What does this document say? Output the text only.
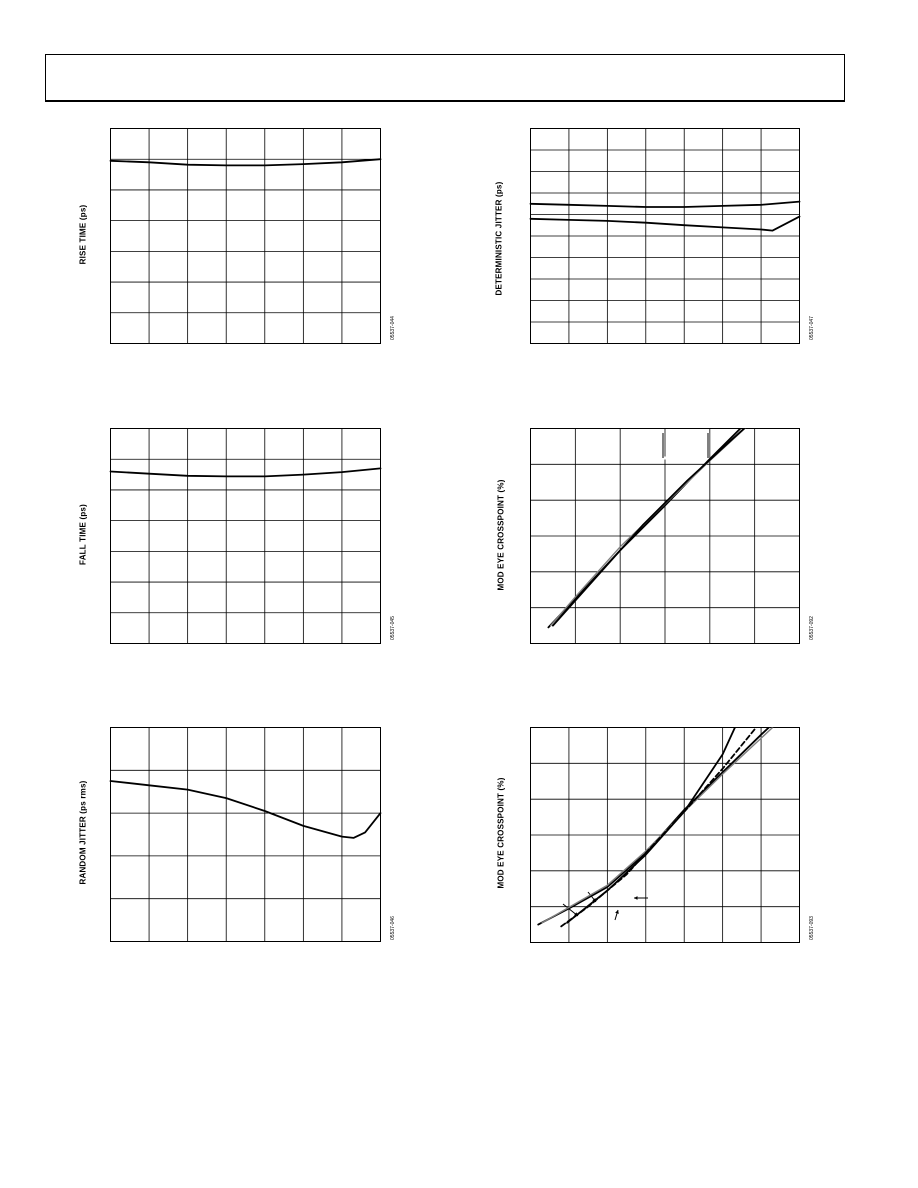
RISE TIME (ps)
05537-044
FALL TIME (ps)
05537-045
RANDOM JITTER (ps rms)
05537-046
DETERMINISTIC JITTER (ps)
05537-047
MOD EYE CROSSPOINT (%)
05537-092
MOD EYE CROSSPOINT (%)
05537-093
